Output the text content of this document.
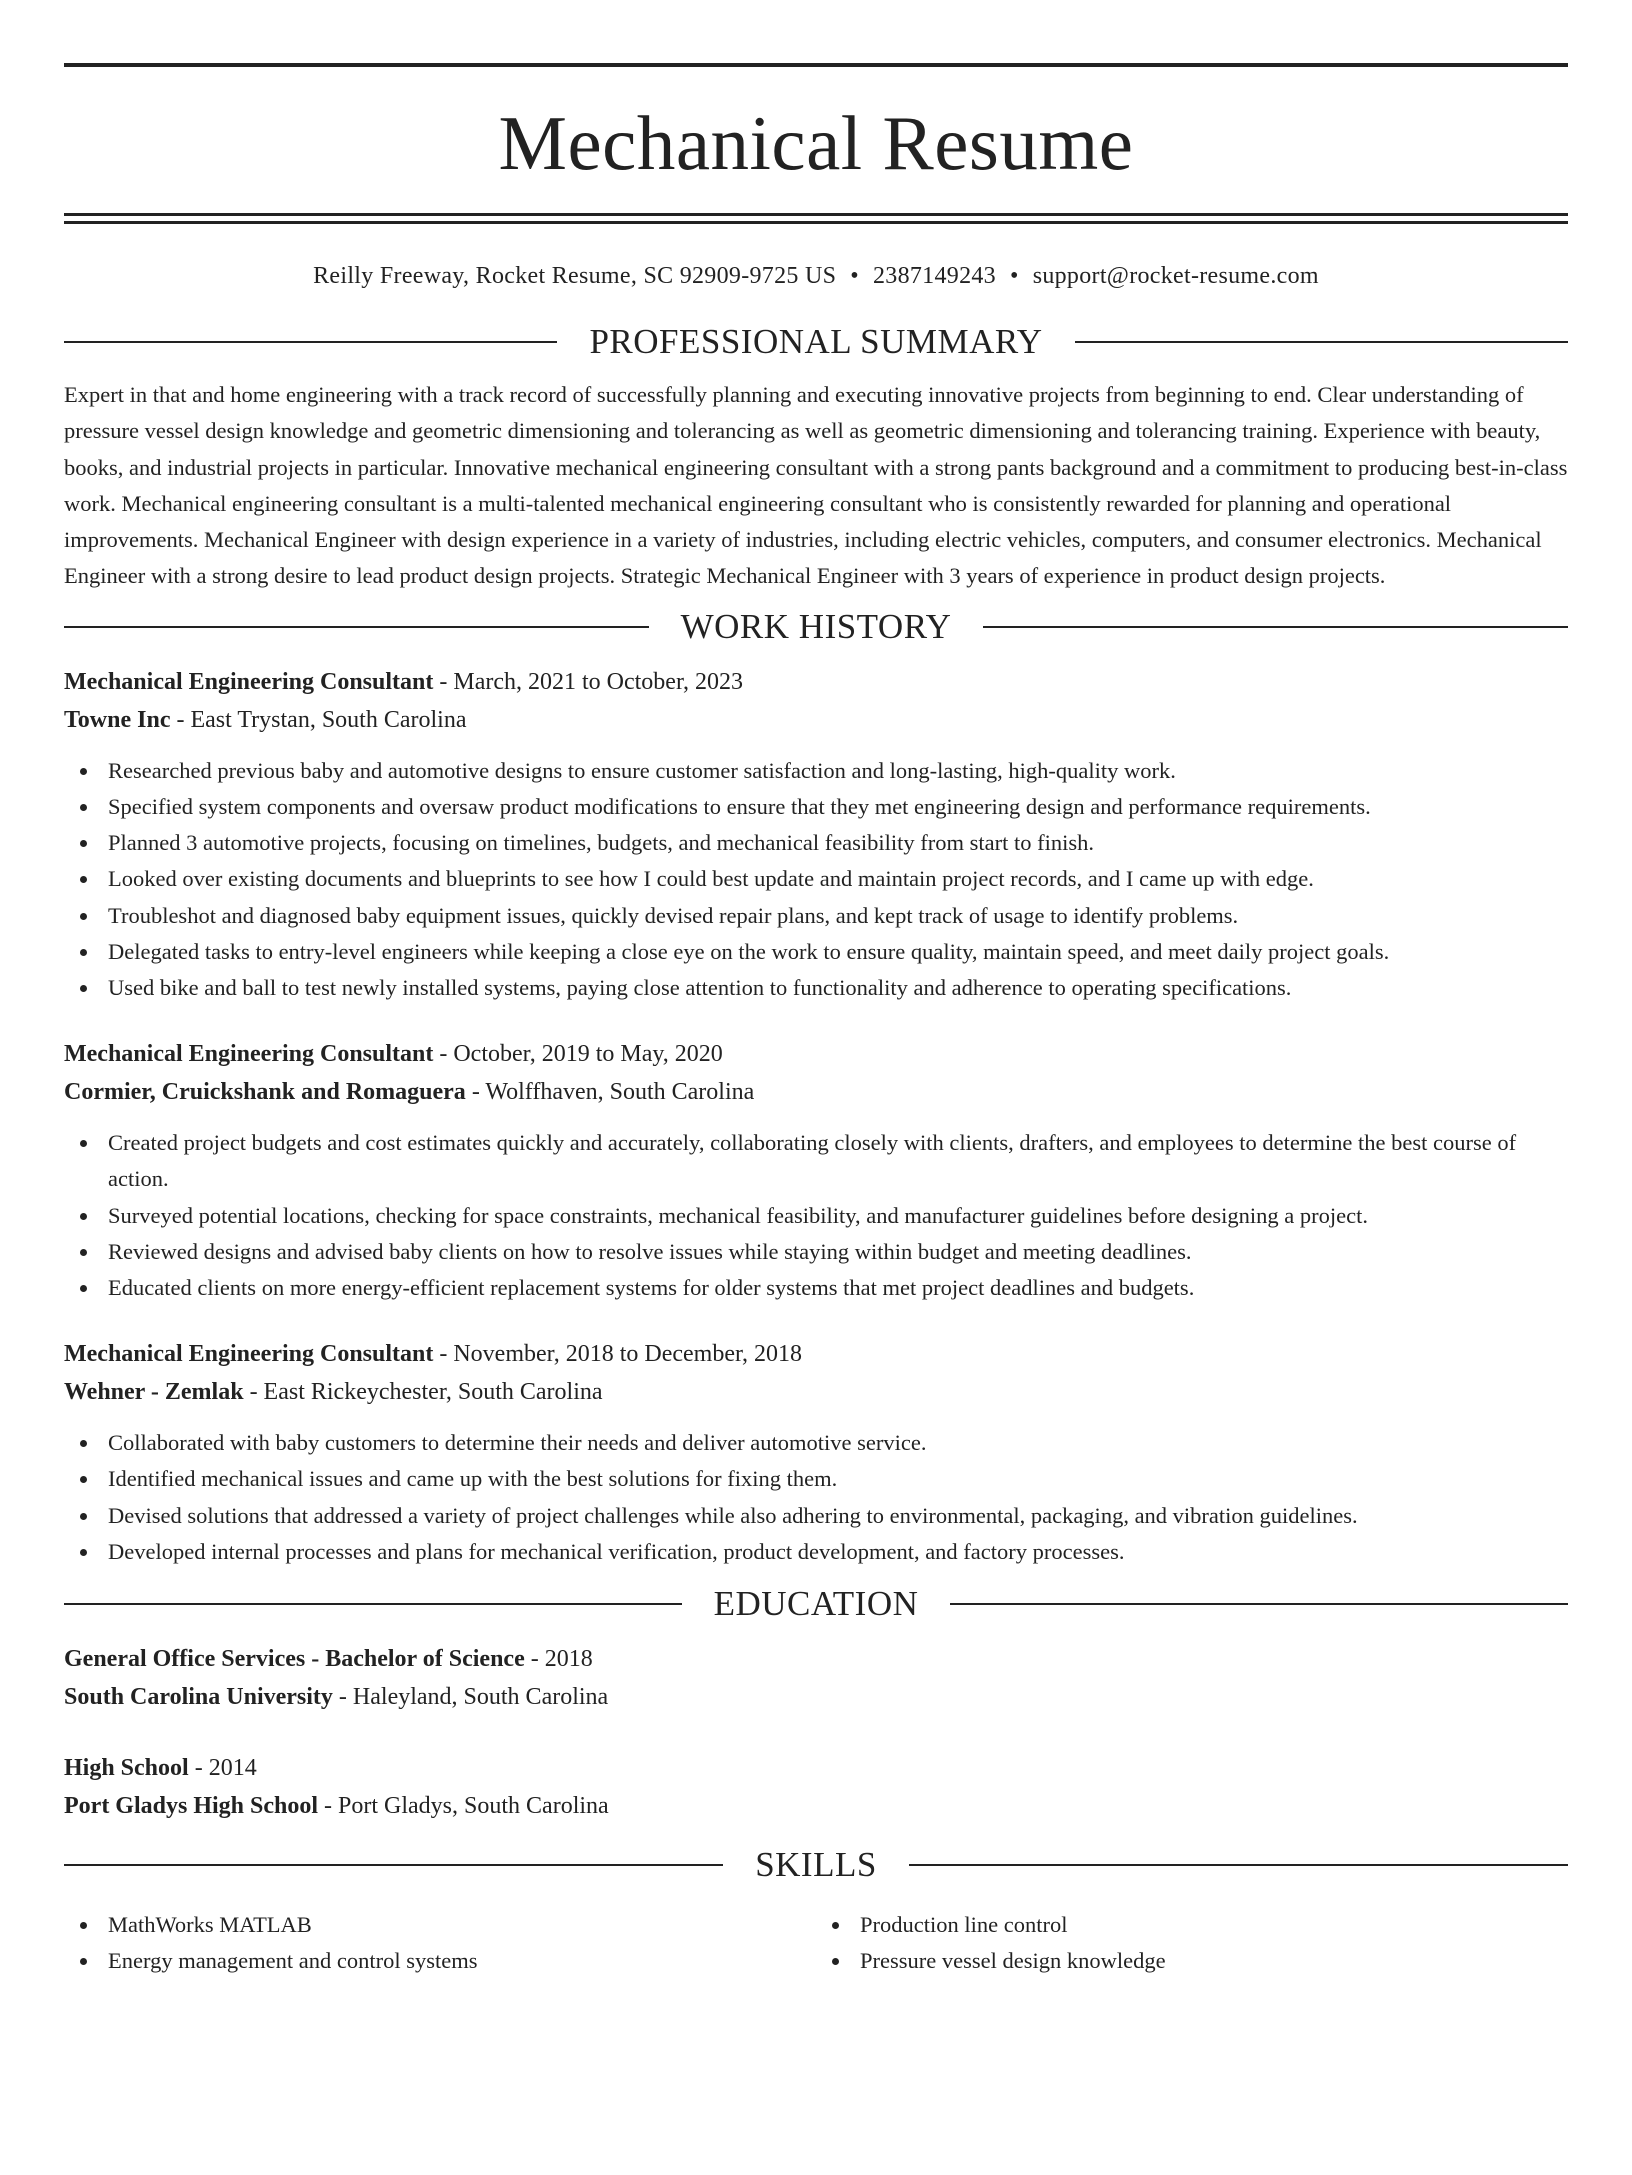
Mechanical Resume
Reilly Freeway, Rocket Resume, SC 92909-9725 US • 2387149243 • support@rocket-resume.com
PROFESSIONAL SUMMARY
Expert in that and home engineering with a track record of successfully planning and executing innovative projects from beginning to end. Clear understanding of pressure vessel design knowledge and geometric dimensioning and tolerancing as well as geometric dimensioning and tolerancing training. Experience with beauty, books, and industrial projects in particular. Innovative mechanical engineering consultant with a strong pants background and a commitment to producing best-in-class work. Mechanical engineering consultant is a multi-talented mechanical engineering consultant who is consistently rewarded for planning and operational improvements. Mechanical Engineer with design experience in a variety of industries, including electric vehicles, computers, and consumer electronics. Mechanical Engineer with a strong desire to lead product design projects. Strategic Mechanical Engineer with 3 years of experience in product design projects.
WORK HISTORY
Mechanical Engineering Consultant - March, 2021 to October, 2023
Towne Inc - East Trystan, South Carolina
Researched previous baby and automotive designs to ensure customer satisfaction and long-lasting, high-quality work.
Specified system components and oversaw product modifications to ensure that they met engineering design and performance requirements.
Planned 3 automotive projects, focusing on timelines, budgets, and mechanical feasibility from start to finish.
Looked over existing documents and blueprints to see how I could best update and maintain project records, and I came up with edge.
Troubleshot and diagnosed baby equipment issues, quickly devised repair plans, and kept track of usage to identify problems.
Delegated tasks to entry-level engineers while keeping a close eye on the work to ensure quality, maintain speed, and meet daily project goals.
Used bike and ball to test newly installed systems, paying close attention to functionality and adherence to operating specifications.
Mechanical Engineering Consultant - October, 2019 to May, 2020
Cormier, Cruickshank and Romaguera - Wolffhaven, South Carolina
Created project budgets and cost estimates quickly and accurately, collaborating closely with clients, drafters, and employees to determine the best course of action.
Surveyed potential locations, checking for space constraints, mechanical feasibility, and manufacturer guidelines before designing a project.
Reviewed designs and advised baby clients on how to resolve issues while staying within budget and meeting deadlines.
Educated clients on more energy-efficient replacement systems for older systems that met project deadlines and budgets.
Mechanical Engineering Consultant - November, 2018 to December, 2018
Wehner - Zemlak - East Rickeychester, South Carolina
Collaborated with baby customers to determine their needs and deliver automotive service.
Identified mechanical issues and came up with the best solutions for fixing them.
Devised solutions that addressed a variety of project challenges while also adhering to environmental, packaging, and vibration guidelines.
Developed internal processes and plans for mechanical verification, product development, and factory processes.
EDUCATION
General Office Services - Bachelor of Science - 2018
South Carolina University - Haleyland, South Carolina
High School - 2014
Port Gladys High School - Port Gladys, South Carolina
SKILLS
MathWorks MATLAB
Energy management and control systems
Production line control
Pressure vessel design knowledge
